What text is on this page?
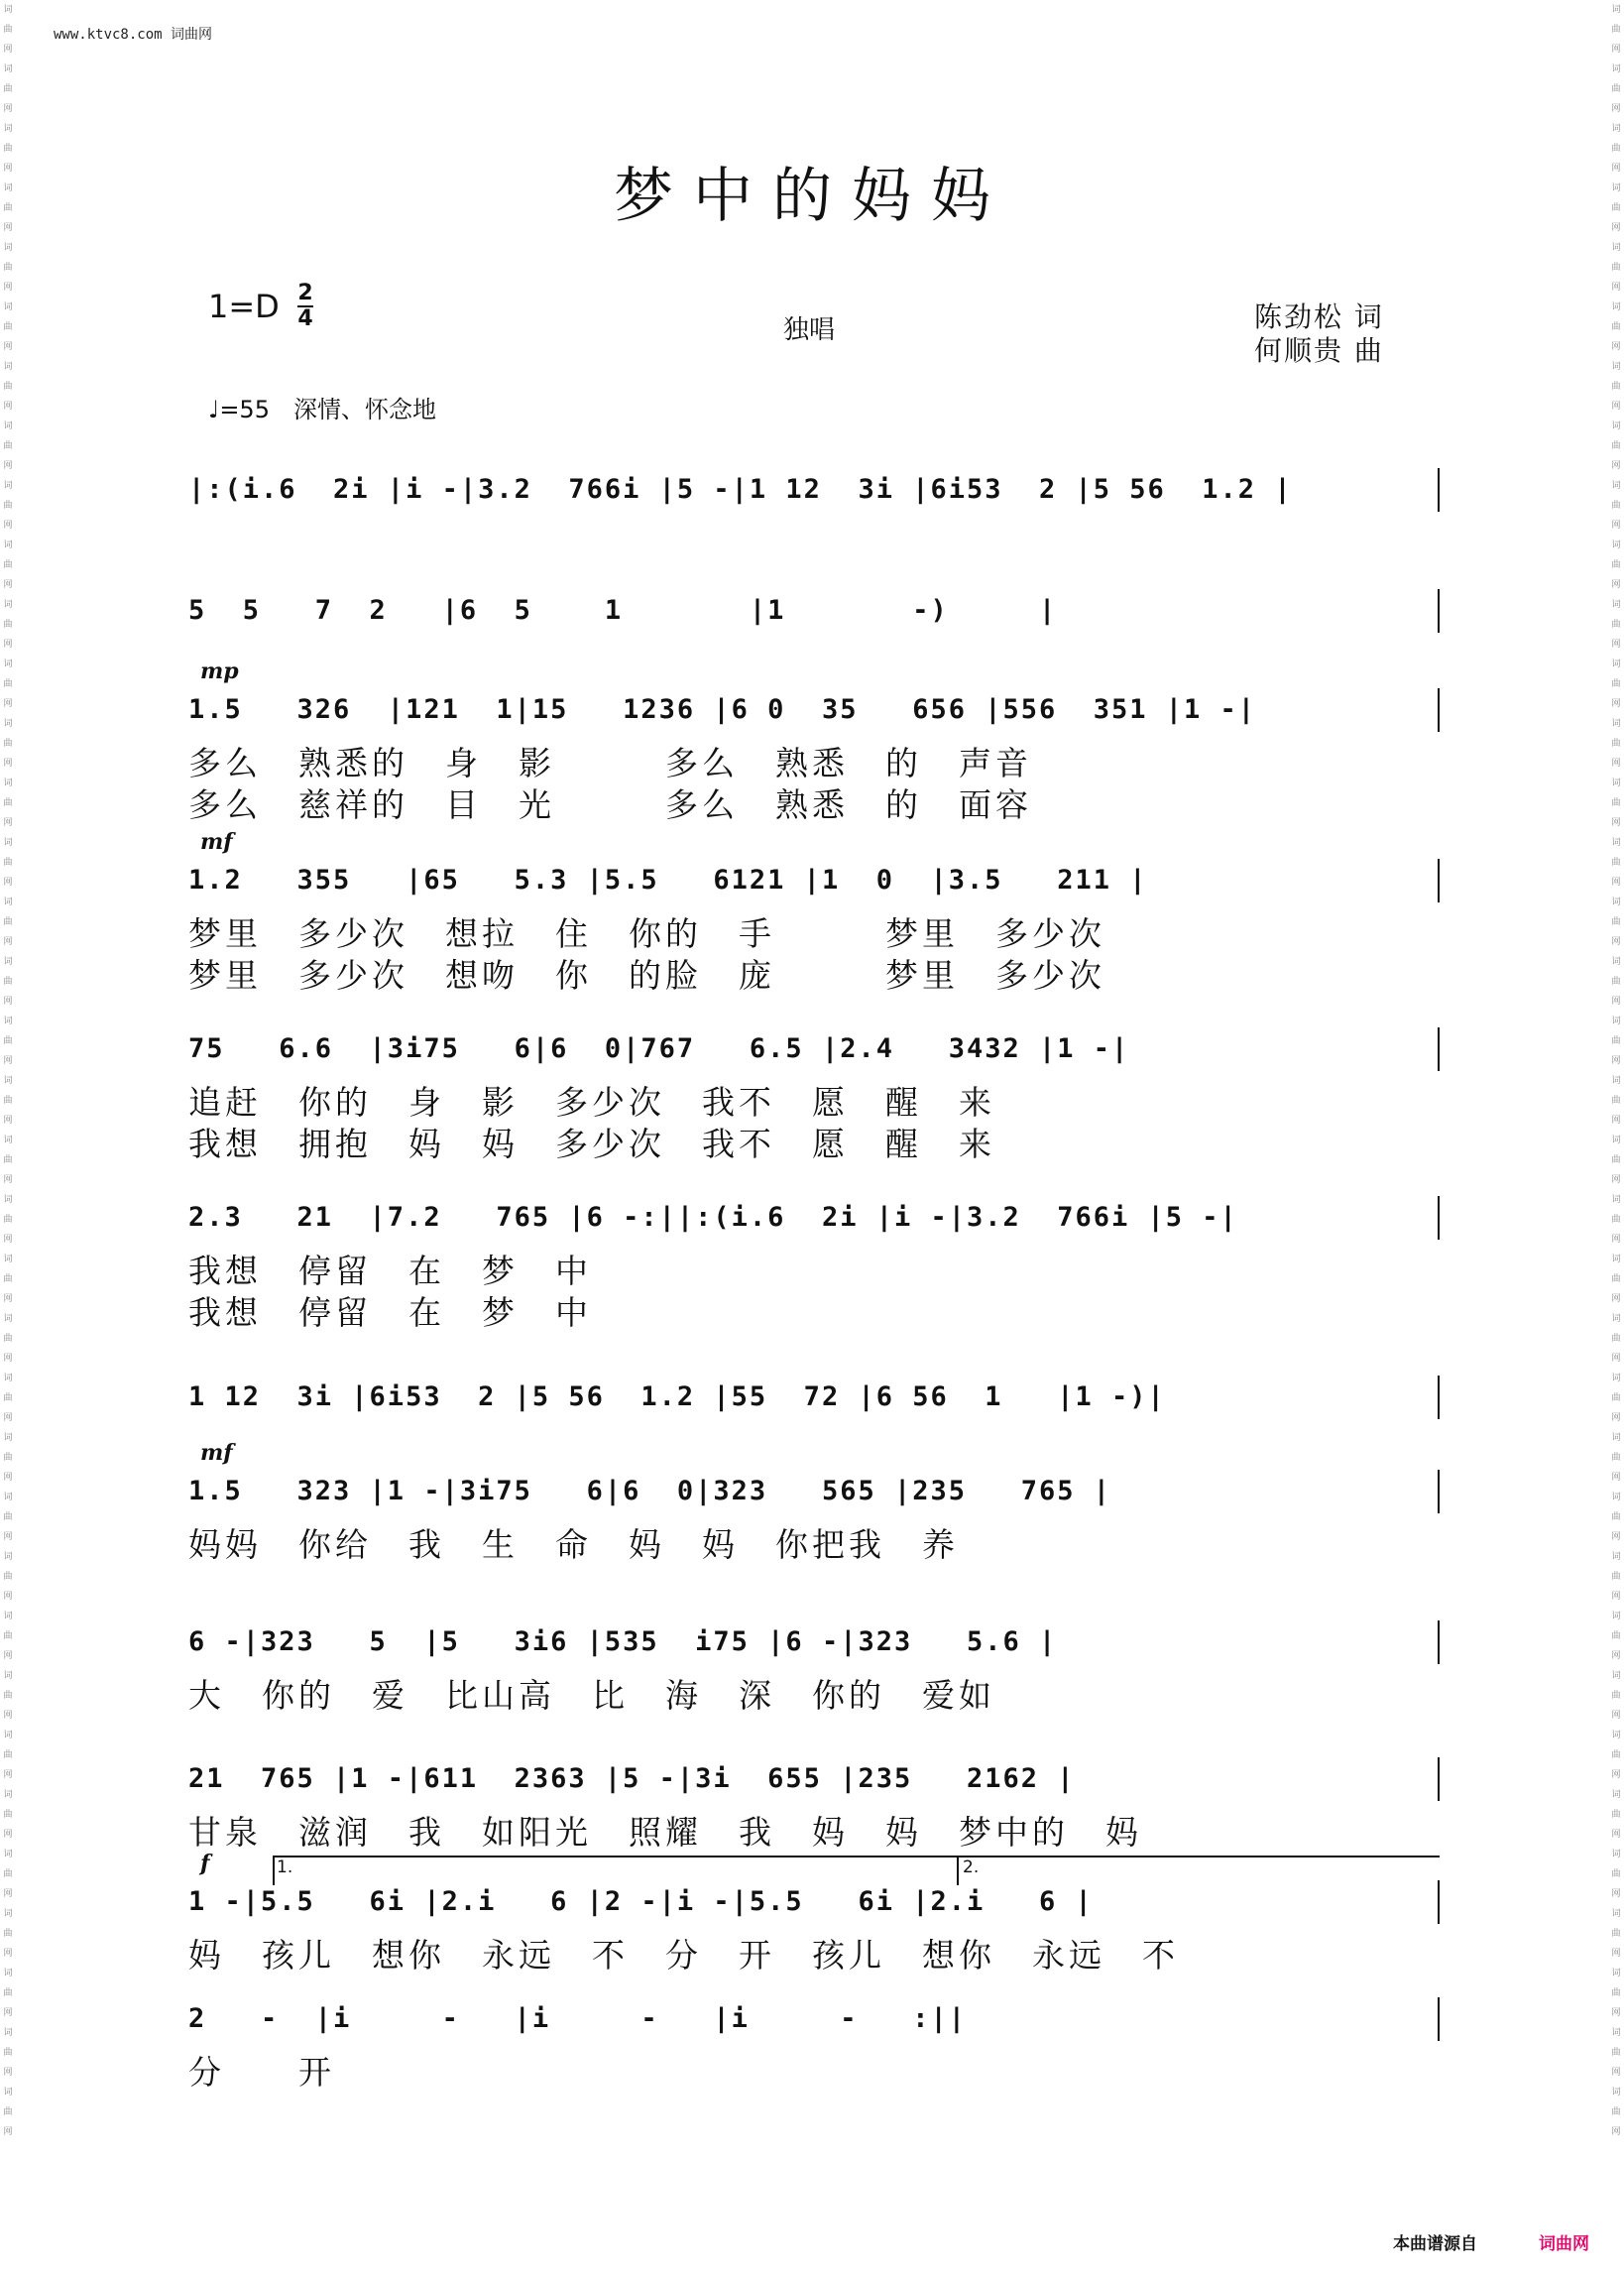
词曲网词曲网词曲网词曲网词曲网词曲网词曲网词曲网词曲网词曲网词曲网词曲网词曲网词曲网词曲网词曲网词曲网词曲网词曲网词曲网词曲网词曲网词曲网词曲网词曲网词曲网词曲网词曲网词曲网词曲网词曲网词曲网词曲网词曲网词曲网词曲网
词曲网词曲网词曲网词曲网词曲网词曲网词曲网词曲网词曲网词曲网词曲网词曲网词曲网词曲网词曲网词曲网词曲网词曲网词曲网词曲网词曲网词曲网词曲网词曲网词曲网词曲网词曲网词曲网词曲网词曲网词曲网词曲网词曲网词曲网词曲网词曲网
www.ktvc8.com 词曲网
梦中的妈妈
1=D 2
4	独唱	陈劲松 词
何顺贵 曲
♩=55　深情、怀念地
|:(i.6  2i |i -|3.2  766i |5 -|1 12  3i |6i53  2 |5 56  1.2 |
5  5   7  2   |6  5    1       |1       -)     |
mp
1.5   326  |121  1|15   1236 |6 0  35   656 |556  351 |1 -|
多么　熟悉的　身　影　　　多么　熟悉　的　声音
多么　慈祥的　目　光　　　多么　熟悉　的　面容
mf
1.2   355   |65   5.3 |5.5   6121 |1  0  |3.5   211 |
梦里　多少次　想拉　住　你的　手　　　梦里　多少次
梦里　多少次　想吻　你　的脸　庞　　　梦里　多少次
75   6.6  |3i75   6|6  0|767   6.5 |2.4   3432 |1 -|
追赶　你的　身　影　多少次　我不　愿　醒　来
我想　拥抱　妈　妈　多少次　我不　愿　醒　来
2.3   21  |7.2   765 |6 -:||:(i.6  2i |i -|3.2  766i |5 -|
我想　停留　在　梦　中
我想　停留　在　梦　中
1 12  3i |6i53  2 |5 56  1.2 |55  72 |6 56  1   |1 -)|
mf
1.5   323 |1 -|3i75   6|6  0|323   565 |235   765 |
妈妈　你给　我　生　命　妈　妈　你把我　养
6 -|323   5  |5   3i6 |535  i75 |6 -|323   5.6 |
大　你的　爱　比山高　比　海　深　你的　爱如
21  765 |1 -|611  2363 |5 -|3i  655 |235   2162 |
甘泉　滋润　我　如阳光　照耀　我　妈　妈　梦中的　妈
f
1 -|5.5   6i |2.i   6 |2 -|i -|5.5   6i |2.i   6 |
妈　孩儿　想你　永远　不　分　开　孩儿　想你　永远　不
2   -  |i     -   |i     -   |i     -   :||
分　　开
1.	2.
本曲谱源自	词曲网
